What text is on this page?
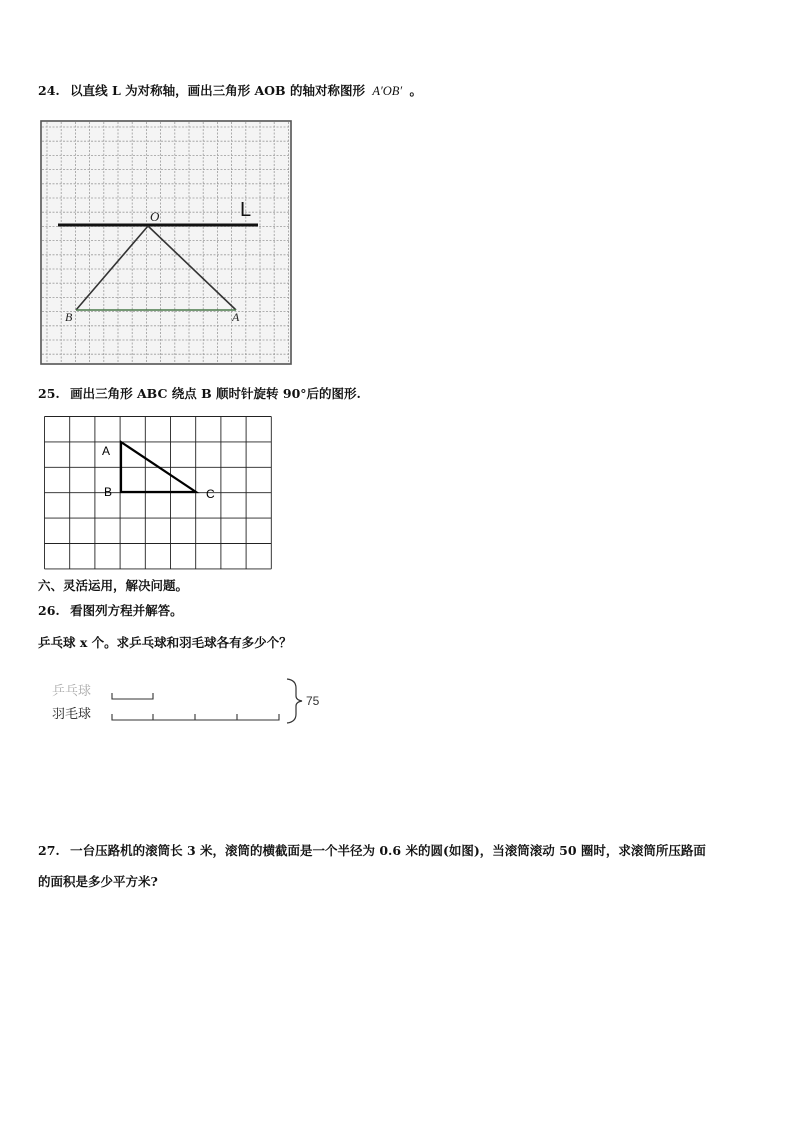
24. 以直线 L 为对称轴，画出三角形 AOB 的轴对称图形 A′OB′ 。
L
O
B	A
25. 画出三角形 ABC 绕点 B 顺时针旋转 90°后的图形.
A
B	C
六、灵活运用，解决问题。
26. 看图列方程并解答。
乒乓球 x 个。求乒乓球和羽毛球各有多少个？
乒乓球
羽毛球
75
27. 一台压路机的滚筒长 3 米，滚筒的横截面是一个半径为 0.6 米的圆(如图)，当滚筒滚动 50 圈时，求滚筒所压路面
的面积是多少平方米?
